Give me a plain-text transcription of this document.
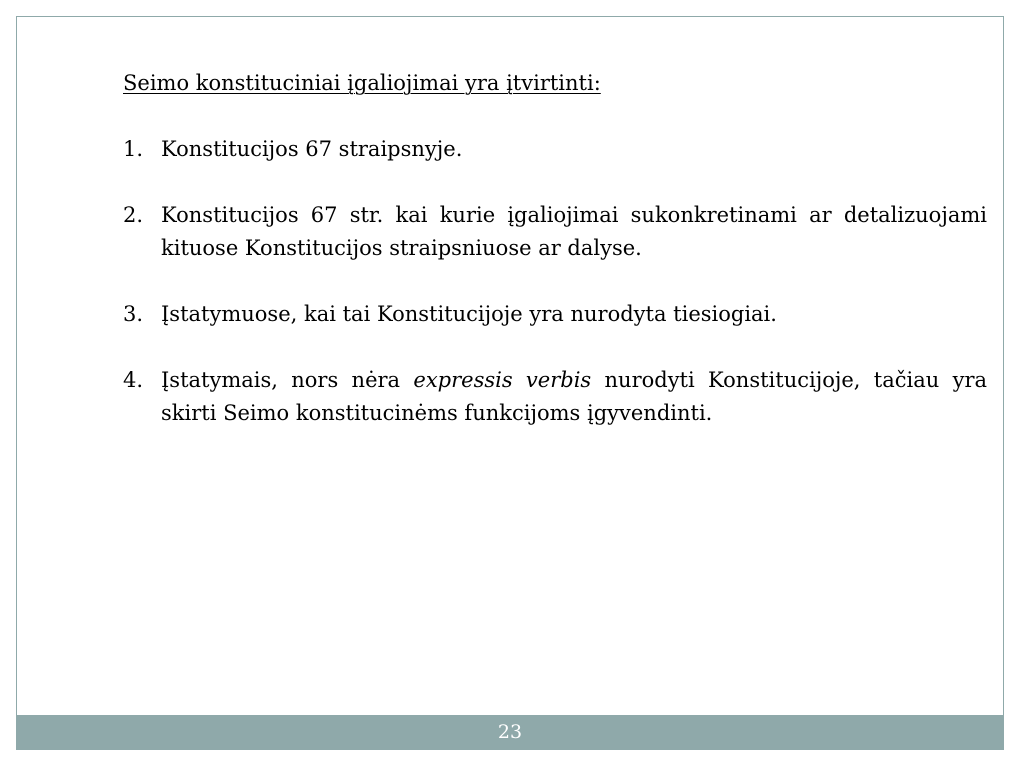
Seimo konstituciniai įgaliojimai yra įtvirtinti:

1. Konstitucijos 67 straipsnyje.
2. Konstitucijos 67 str. kai kurie įgaliojimai sukonkretinami ar detalizuojami kituose Konstitucijos straipsniuose ar dalyse.
3. Įstatymuose, kai tai Konstitucijoje yra nurodyta tiesiogiai.
4. Įstatymais, nors nėra expressis verbis nurodyti Konstitucijoje, tačiau yra skirti Seimo konstitucinėms funkcijoms įgyvendinti.
23
